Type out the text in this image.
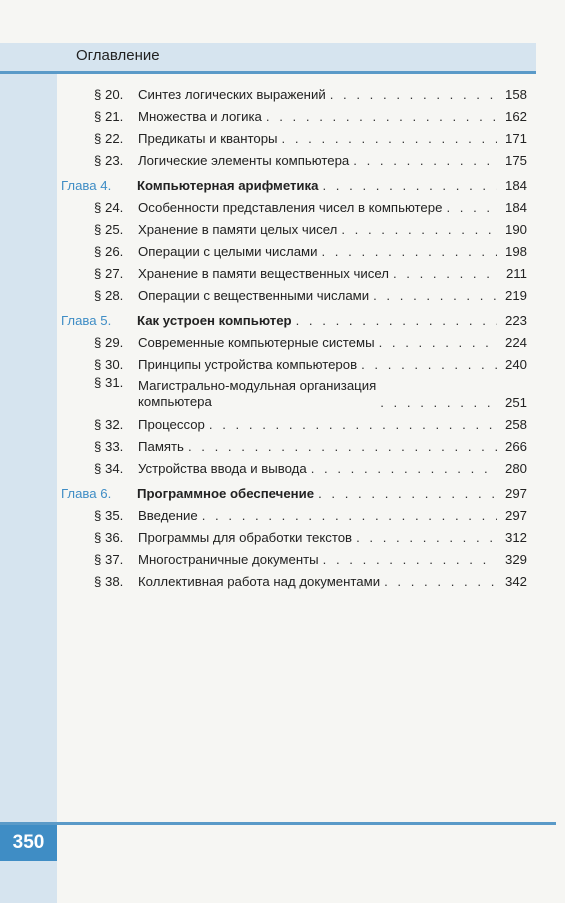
Оглавление
§ 20.	Синтез логических выражений . . .	158
§ 21.	Множества и логика . . .	162
§ 22.	Предикаты и кванторы . . .	171
§ 23.	Логические элементы компьютера . . .	175
Глава 4.	Компьютерная арифметика . . .	184
§ 24.	Особенности представления чисел в компьютере . . .	184
§ 25.	Хранение в памяти целых чисел . . .	190
§ 26.	Операции с целыми числами . . .	198
§ 27.	Хранение в памяти вещественных чисел . . .	211
§ 28.	Операции с вещественными числами . . .	219
Глава 5.	Как устроен компьютер . . .	223
§ 29.	Современные компьютерные системы . . .	224
§ 30.	Принципы устройства компьютеров . . .	240
§ 31.	Магистрально-модульная организация
компьютера . . .	251
§ 32.	Процессор . . .	258
§ 33.	Память . . .	266
§ 34.	Устройства ввода и вывода . . .	280
Глава 6.	Программное обеспечение . . .	297
§ 35.	Введение . . .	297
§ 36.	Программы для обработки текстов . . .	312
§ 37.	Многостраничные документы . . .	329
§ 38.	Коллективная работа над документами . . .	342
350
